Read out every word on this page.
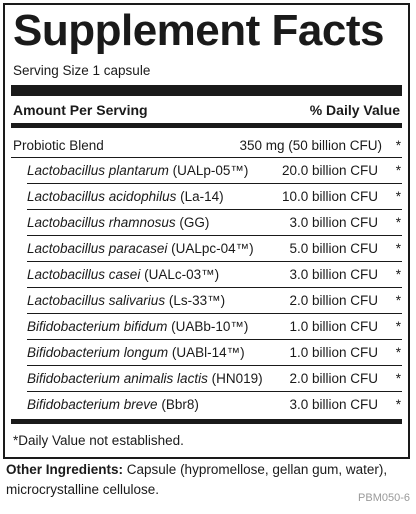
Supplement Facts
Serving Size 1 capsule
Amount Per Serving	% Daily Value
Probiotic Blend	350 mg (50 billion CFU) *
Lactobacillus plantarum (UALp-05™) 20.0 billion CFU *
Lactobacillus acidophilus (La-14)	10.0 billion CFU *
Lactobacillus rhamnosus (GG)	3.0 billion CFU *
Lactobacillus paracasei (UALpc-04™)	5.0 billion CFU *
Lactobacillus casei (UALc-03™)	3.0 billion CFU *
Lactobacillus salivarius (Ls-33™)	2.0 billion CFU *
Bifidobacterium bifidum (UABb-10™)	1.0 billion CFU *
Bifidobacterium longum (UABl-14™)	1.0 billion CFU *
Bifidobacterium animalis lactis (HN019) 2.0 billion CFU *
Bifidobacterium breve (Bbr8)	3.0 billion CFU *
*Daily Value not established.
Other Ingredients: Capsule (hypromellose, gellan gum, water), microcrystalline cellulose.
PBM050-6
